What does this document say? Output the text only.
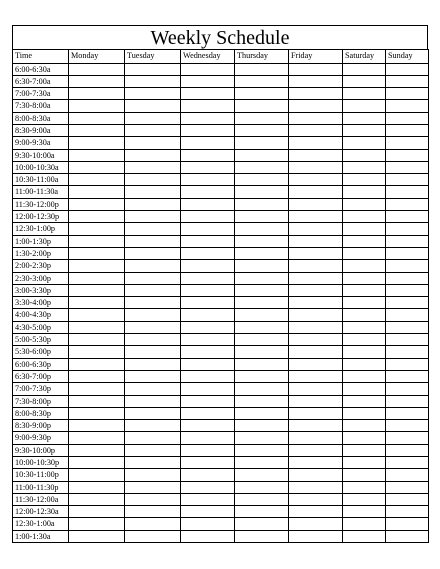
Weekly Schedule
Time	Monday	Tuesday	Wednesday	Thursday	Friday	Saturday	Sunday
6:00-6:30a							
6:30-7:00a							
7:00-7:30a							
7:30-8:00a							
8:00-8:30a							
8:30-9:00a							
9:00-9:30a							
9:30-10:00a							
10:00-10:30a							
10:30-11:00a							
11:00-11:30a							
11:30-12:00p							
12:00-12:30p							
12:30-1:00p							
1:00-1:30p							
1:30-2:00p							
2:00-2:30p							
2:30-3:00p							
3:00-3:30p							
3:30-4:00p							
4:00-4:30p							
4:30-5:00p							
5:00-5:30p							
5:30-6:00p							
6:00-6:30p							
6:30-7:00p							
7:00-7:30p							
7:30-8:00p							
8:00-8:30p							
8:30-9:00p							
9:00-9:30p							
9:30-10:00p							
10:00-10:30p							
10:30-11:00p							
11:00-11:30p							
11:30-12:00a							
12:00-12:30a							
12:30-1:00a							
1:00-1:30a							
